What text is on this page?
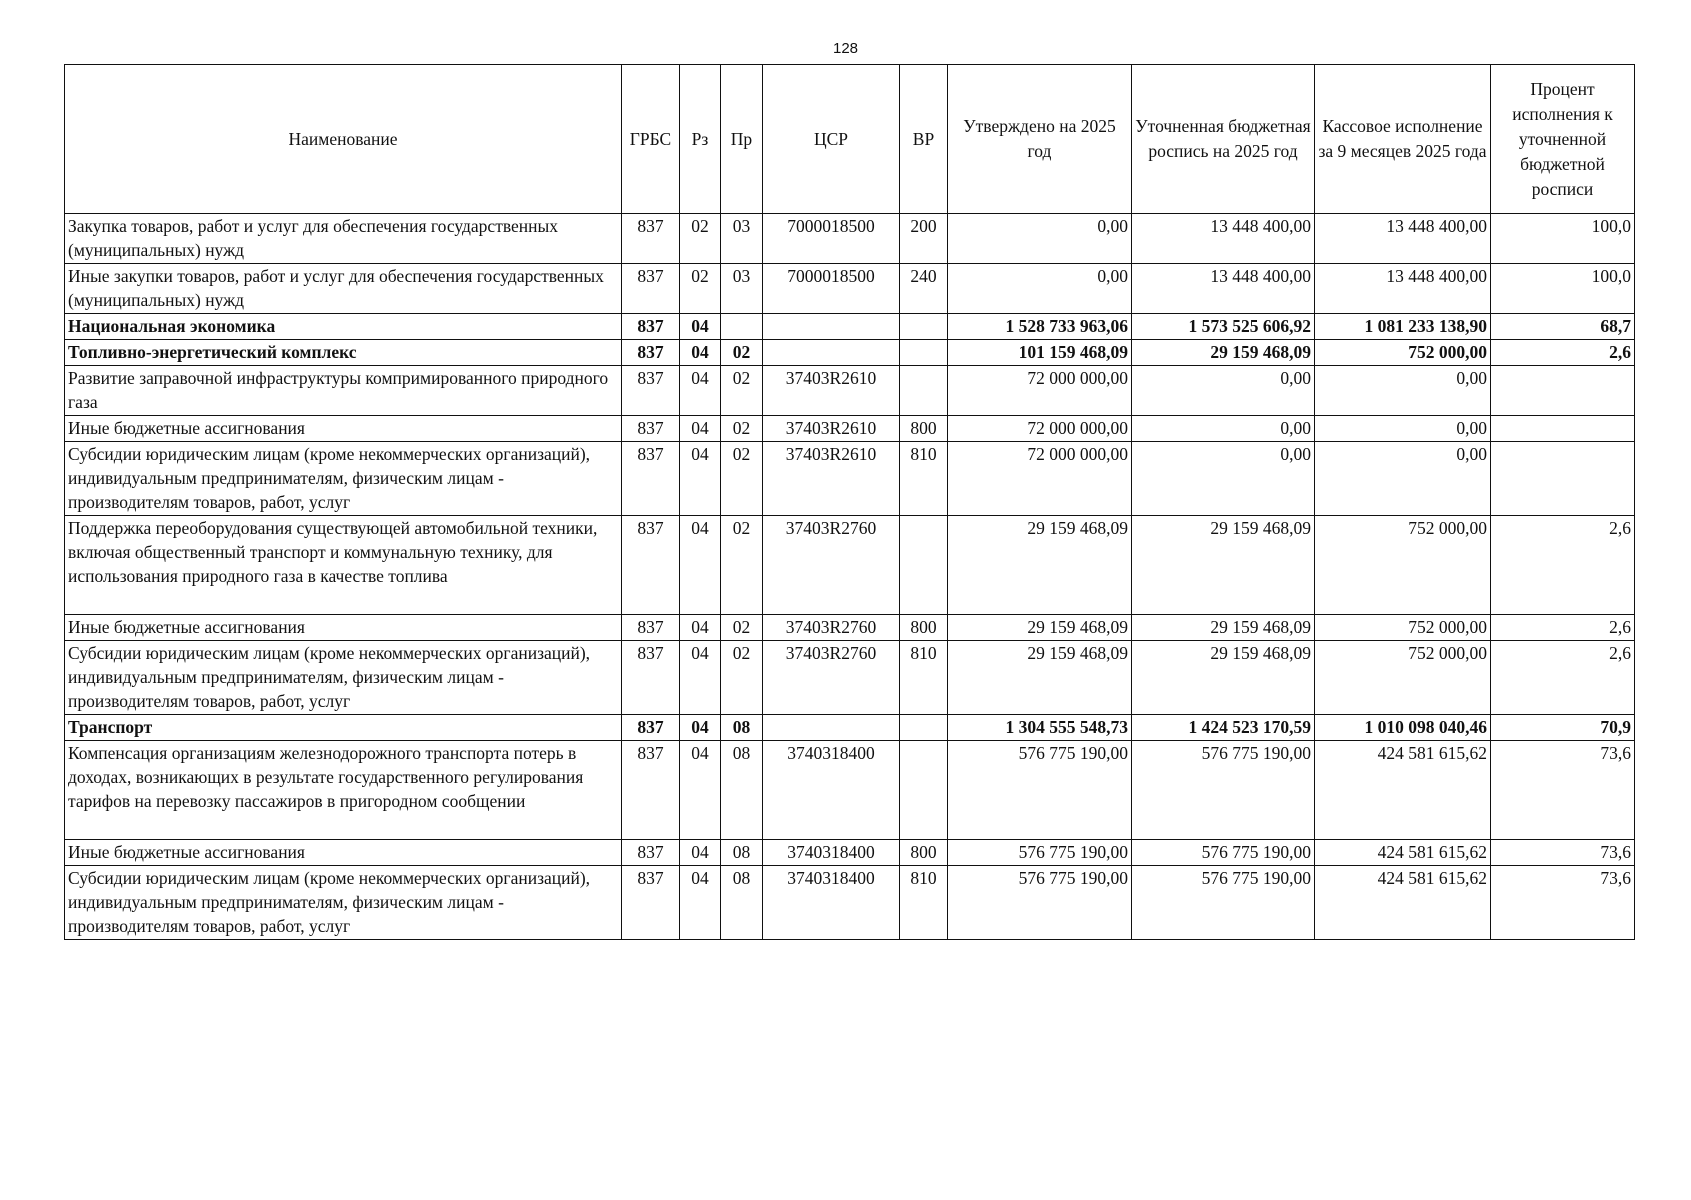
128
Наименование	ГРБС	Рз	Пр	ЦСР	ВР	Утверждено на 2025 год	Уточненная бюджетная роспись на 2025 год	Кассовое исполнение за 9 месяцев 2025 года	Процент исполнения к уточненной бюджетной росписи
Закупка товаров, работ и услуг для обеспечения государственных (муниципальных) нужд	837	02	03	7000018500	200	0,00	13 448 400,00	13 448 400,00	100,0
Иные закупки товаров, работ и услуг для обеспечения государственных (муниципальных) нужд	837	02	03	7000018500	240	0,00	13 448 400,00	13 448 400,00	100,0
Национальная экономика	837	04				1 528 733 963,06	1 573 525 606,92	1 081 233 138,90	68,7
Топливно-энергетический комплекс	837	04	02			101 159 468,09	29 159 468,09	752 000,00	2,6
Развитие заправочной инфраструктуры компримированного природного газа	837	04	02	37403R2610		72 000 000,00	0,00	0,00	
Иные бюджетные ассигнования	837	04	02	37403R2610	800	72 000 000,00	0,00	0,00	
Субсидии юридическим лицам (кроме некоммерческих организаций), индивидуальным предпринимателям, физическим лицам - производителям товаров, работ, услуг	837	04	02	37403R2610	810	72 000 000,00	0,00	0,00	
Поддержка переоборудования существующей автомобильной техники, включая общественный транспорт и коммунальную технику, для использования природного газа в качестве топлива	837	04	02	37403R2760		29 159 468,09	29 159 468,09	752 000,00	2,6
Иные бюджетные ассигнования	837	04	02	37403R2760	800	29 159 468,09	29 159 468,09	752 000,00	2,6
Субсидии юридическим лицам (кроме некоммерческих организаций), индивидуальным предпринимателям, физическим лицам - производителям товаров, работ, услуг	837	04	02	37403R2760	810	29 159 468,09	29 159 468,09	752 000,00	2,6
Транспорт	837	04	08			1 304 555 548,73	1 424 523 170,59	1 010 098 040,46	70,9
Компенсация организациям железнодорожного транспорта потерь в доходах, возникающих в результате государственного регулирования тарифов на перевозку пассажиров в пригородном сообщении	837	04	08	3740318400		576 775 190,00	576 775 190,00	424 581 615,62	73,6
Иные бюджетные ассигнования	837	04	08	3740318400	800	576 775 190,00	576 775 190,00	424 581 615,62	73,6
Субсидии юридическим лицам (кроме некоммерческих организаций), индивидуальным предпринимателям, физическим лицам - производителям товаров, работ, услуг	837	04	08	3740318400	810	576 775 190,00	576 775 190,00	424 581 615,62	73,6
